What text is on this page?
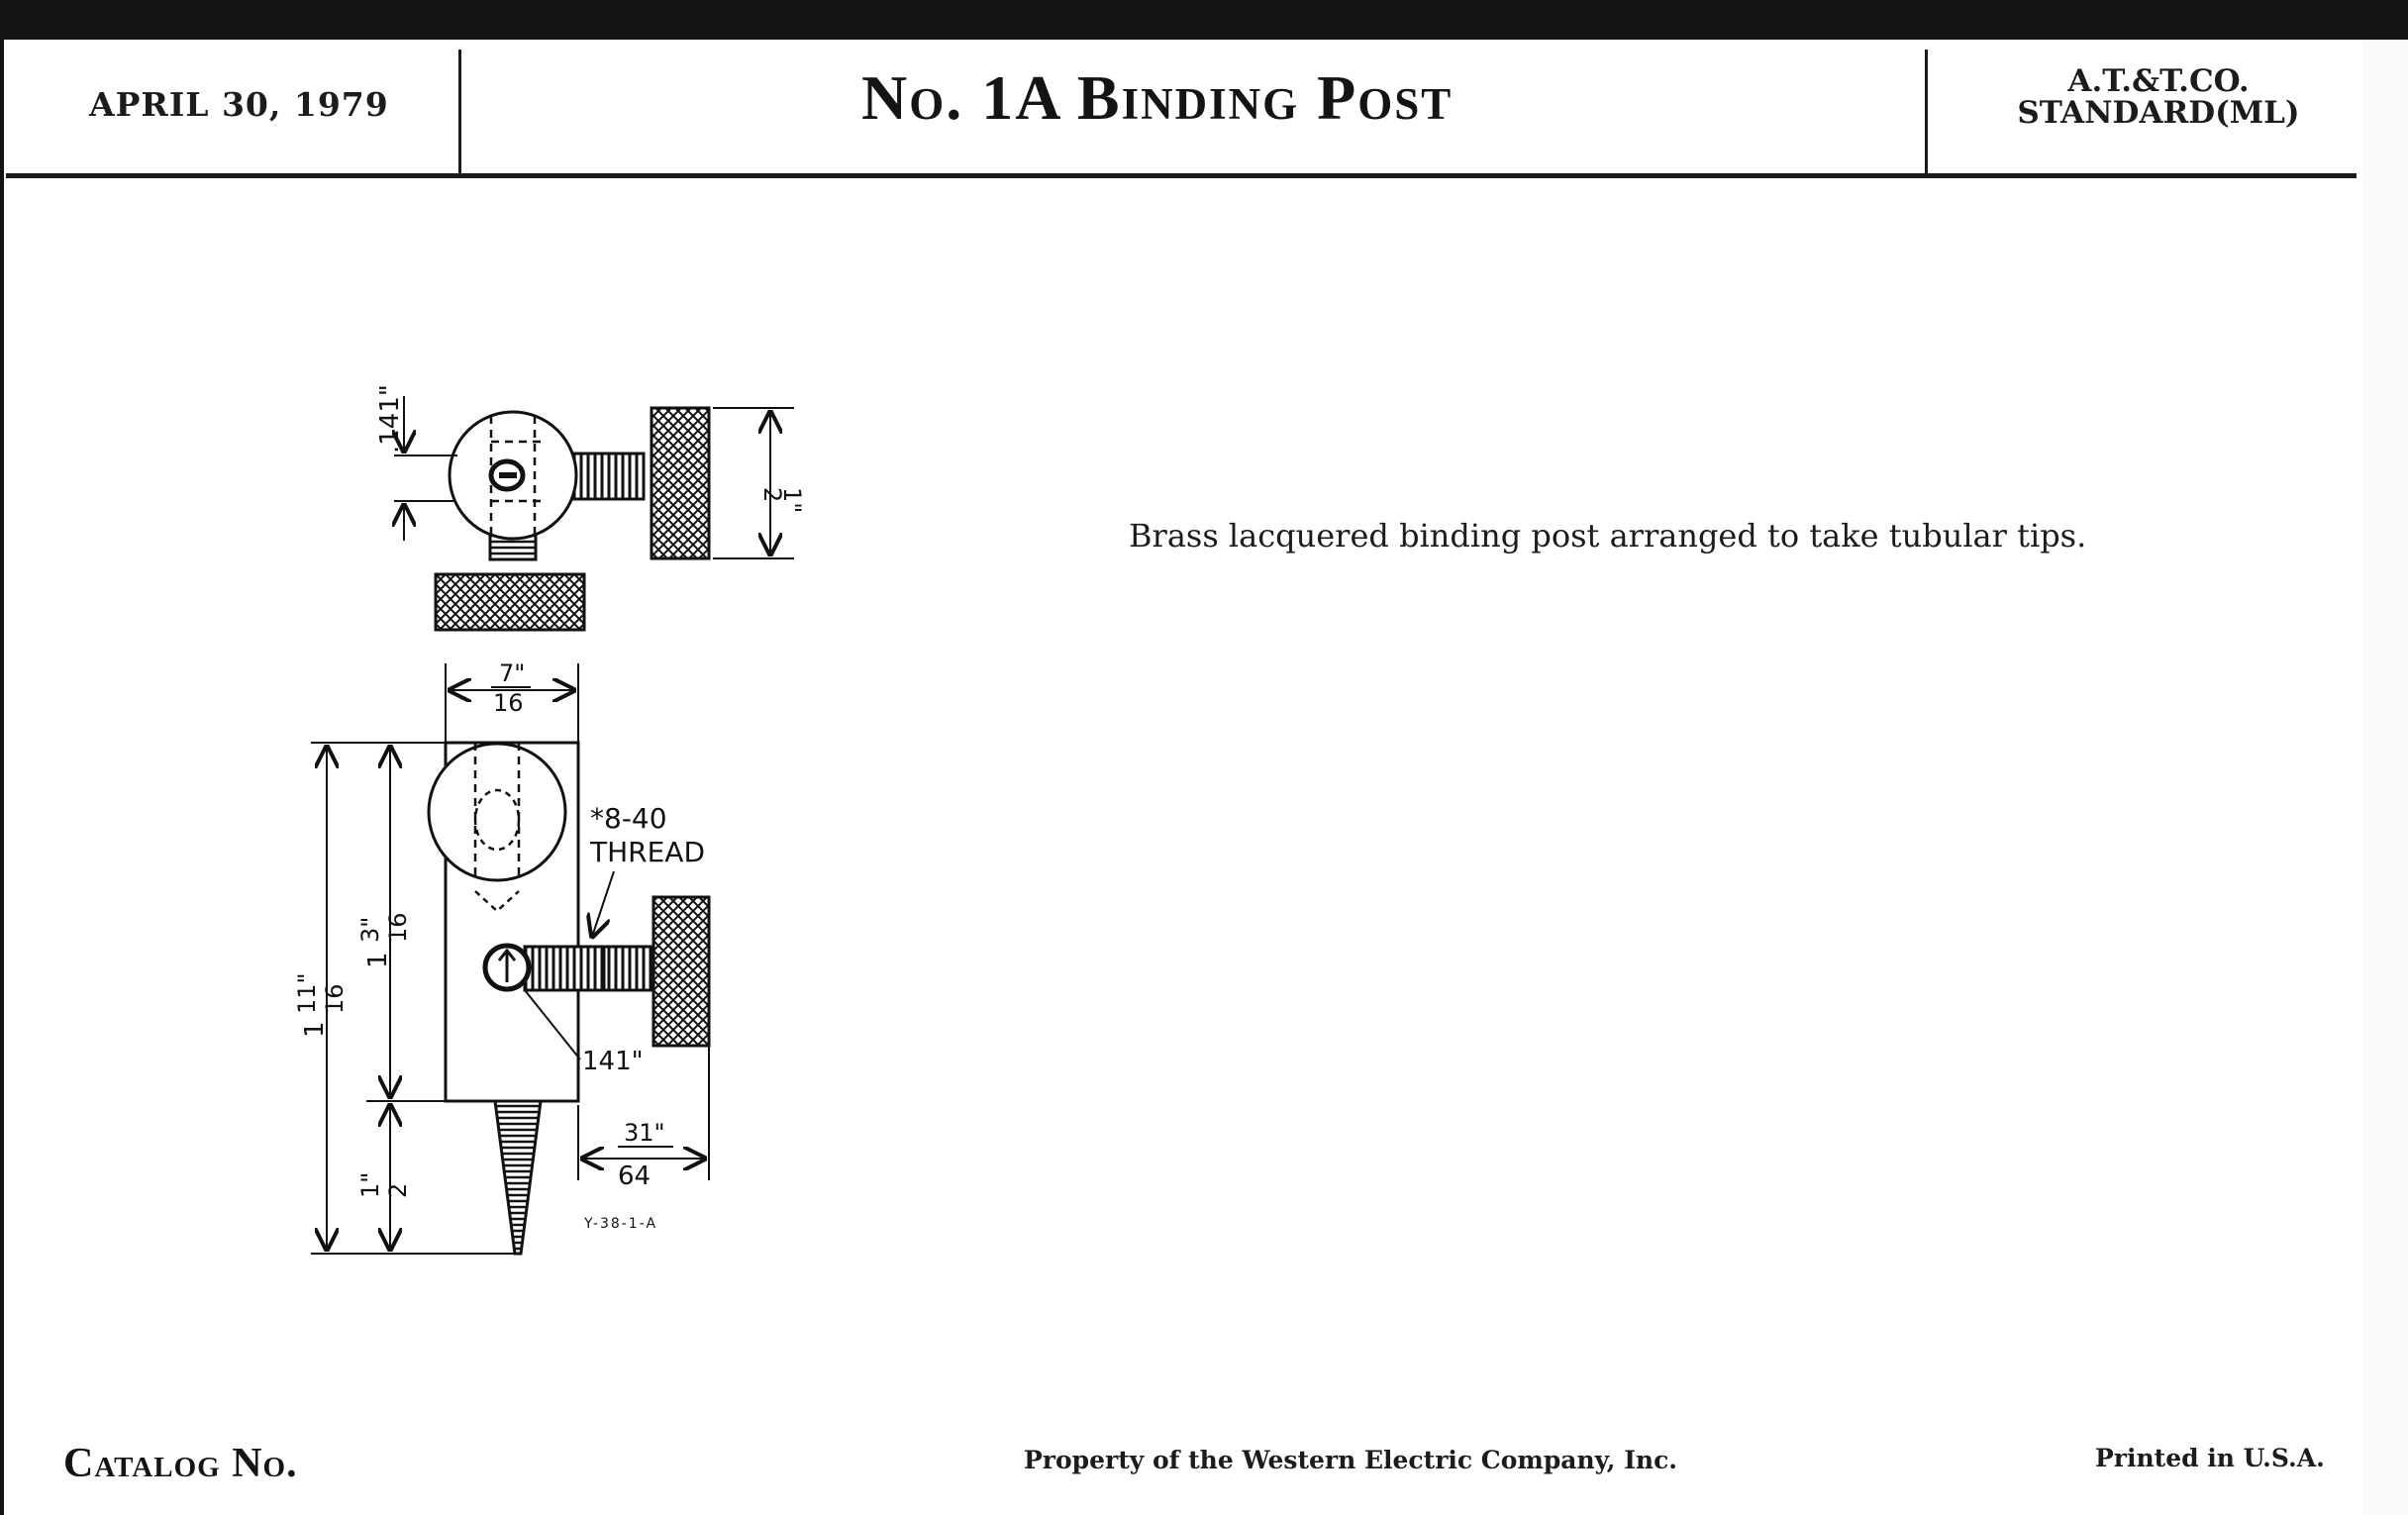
APRIL 30, 1979	No. 1A Binding Post	A.T.&T.CO.
STANDARD(ML)
Brass lacquered binding post arranged to take tubular tips.
.141"
1"
2
7"
16
*8-40
THREAD
1
3" 16
1
11" 16
1" 2
141"
31"
64
Y-38-1-A
Catalog No.	Property of the Western Electric Company, Inc.	Printed in U.S.A.
